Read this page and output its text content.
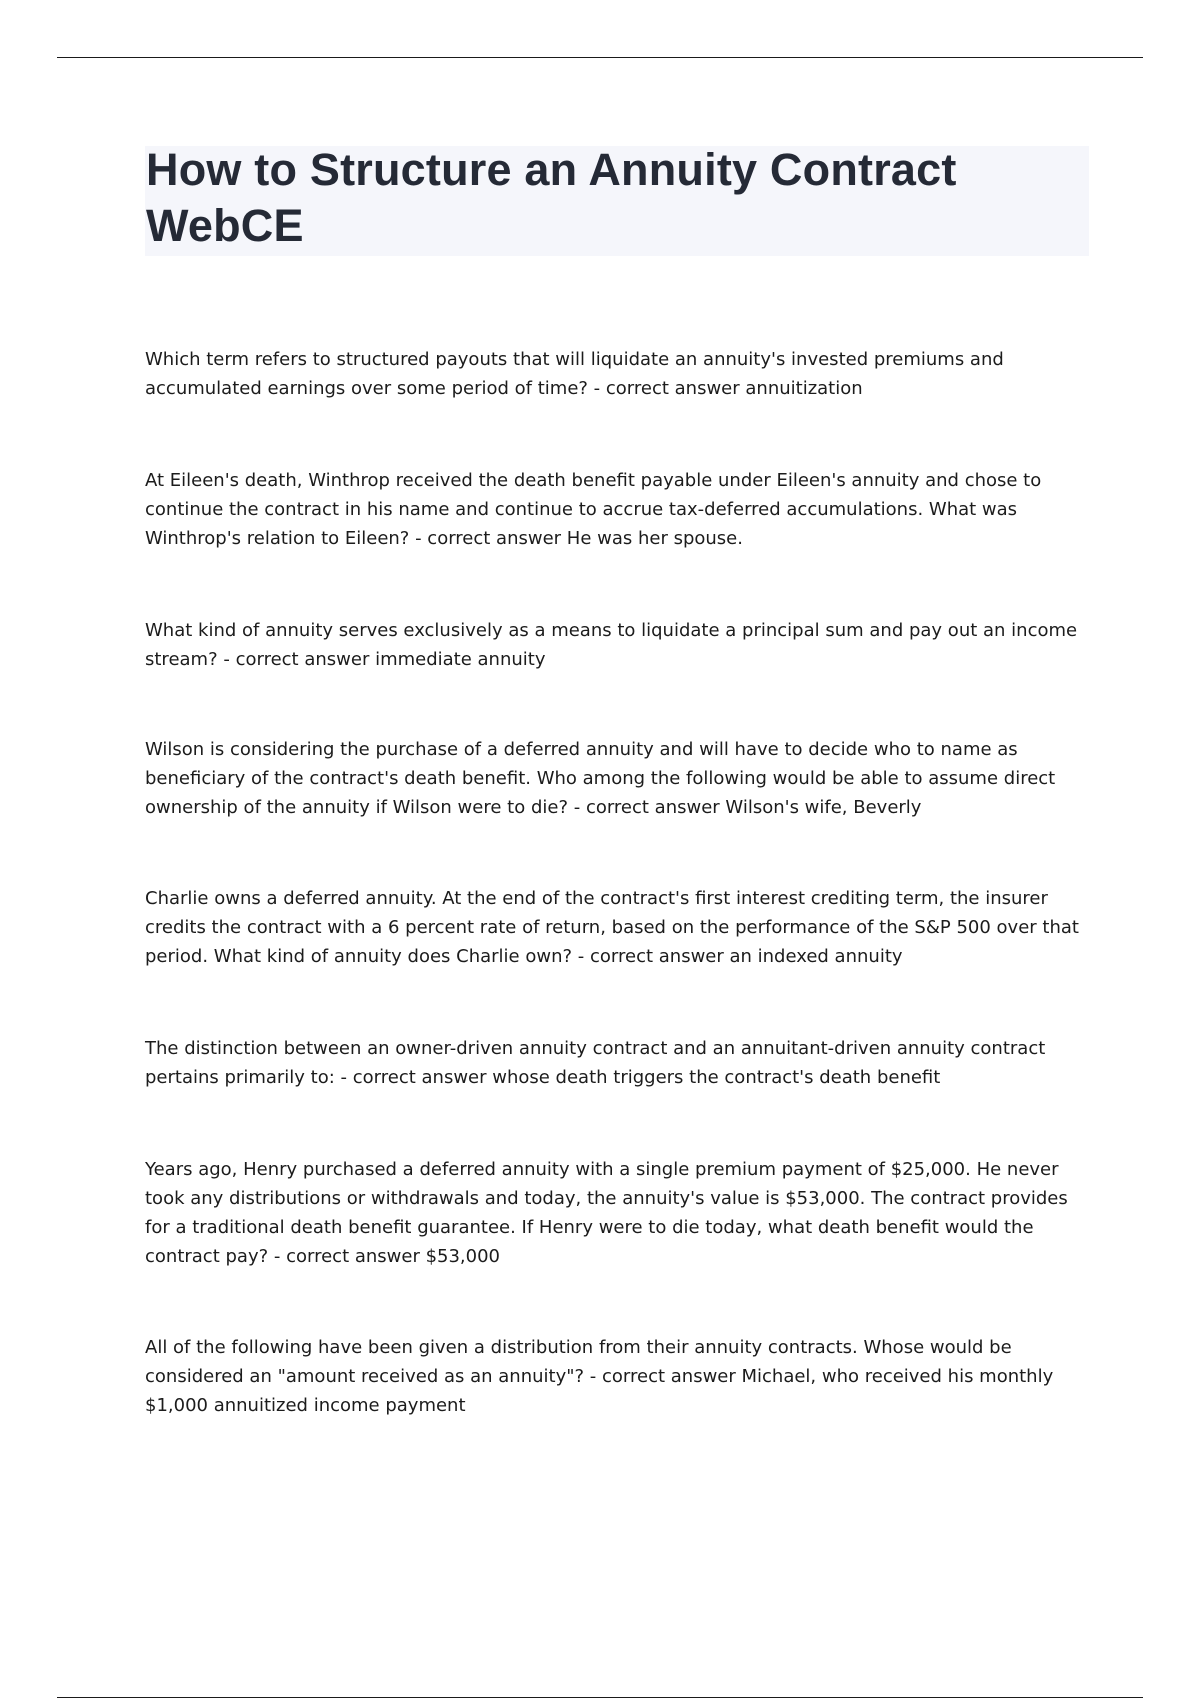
How to Structure an Annuity Contract WebCE

Which term refers to structured payouts that will liquidate an annuity's invested premiums and accumulated earnings over some period of time? - correct answer annuitization

At Eileen's death, Winthrop received the death benefit payable under Eileen's annuity and chose to continue the contract in his name and continue to accrue tax-deferred accumulations. What was Winthrop's relation to Eileen? - correct answer He was her spouse.

What kind of annuity serves exclusively as a means to liquidate a principal sum and pay out an income stream? - correct answer immediate annuity

Wilson is considering the purchase of a deferred annuity and will have to decide who to name as beneficiary of the contract's death benefit. Who among the following would be able to assume direct ownership of the annuity if Wilson were to die? - correct answer Wilson's wife, Beverly

Charlie owns a deferred annuity. At the end of the contract's first interest crediting term, the insurer credits the contract with a 6 percent rate of return, based on the performance of the S&P 500 over that period. What kind of annuity does Charlie own? - correct answer an indexed annuity

The distinction between an owner-driven annuity contract and an annuitant-driven annuity contract pertains primarily to: - correct answer whose death triggers the contract's death benefit

Years ago, Henry purchased a deferred annuity with a single premium payment of $25,000. He never took any distributions or withdrawals and today, the annuity's value is $53,000. The contract provides for a traditional death benefit guarantee. If Henry were to die today, what death benefit would the contract pay? - correct answer $53,000

All of the following have been given a distribution from their annuity contracts. Whose would be considered an "amount received as an annuity"? - correct answer Michael, who received his monthly $1,000 annuitized income payment
